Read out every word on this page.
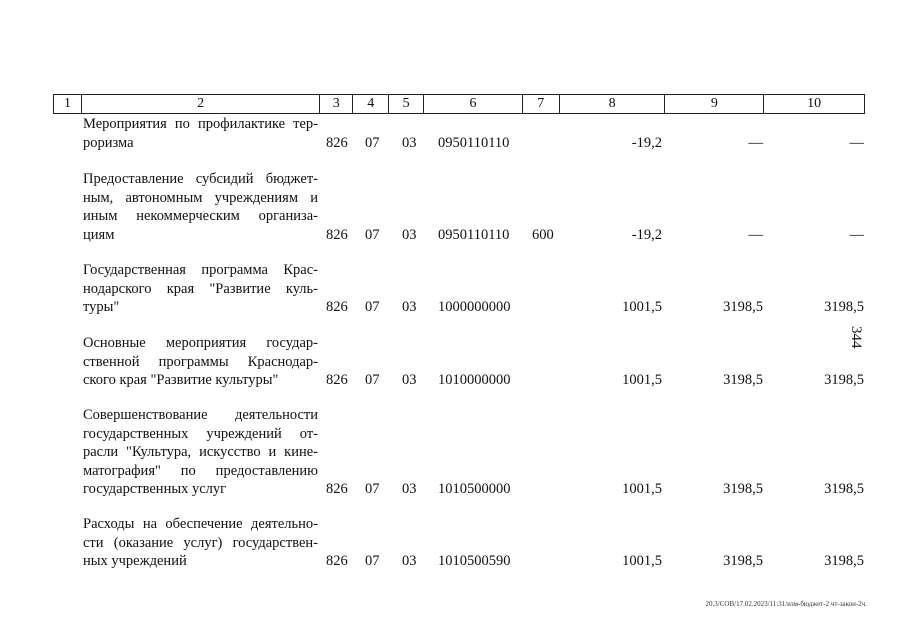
1	2	3	4	5	6	7	8	9	10
Мероприятия по профилактике тер-
роризма	826 07 03 0950110110	-19,2	—	—
Предоставление субсидий бюджет-
ным, автономным учреждениям и
иным некоммерческим организа-
циям	826 07 03 0950110110 600	-19,2	—	—
Государственная программа Крас-
нодарского края "Развитие куль-
туры"	826 07 03 1000000000	1001,5	3198,5	3198,5
Основные мероприятия государ-
ственной программы Краснодар-
ского края "Развитие культуры"	826 07 03 1010000000	1001,5	3198,5	3198,5
Совершенствование деятельности
государственных учреждений от-
расли "Культура, искусство и кине-
матография" по предоставлению
государственных услуг	826 07 03 1010500000	1001,5	3198,5	3198,5
Расходы на обеспечение деятельно-
сти (оказание услуг) государствен-
ных учреждений	826 07 03 1010500590	1001,5	3198,5	3198,5
344
20.3/СОВ/17.02.2023/11:31/изм-бюджет-2 чт-закон-2ч.
